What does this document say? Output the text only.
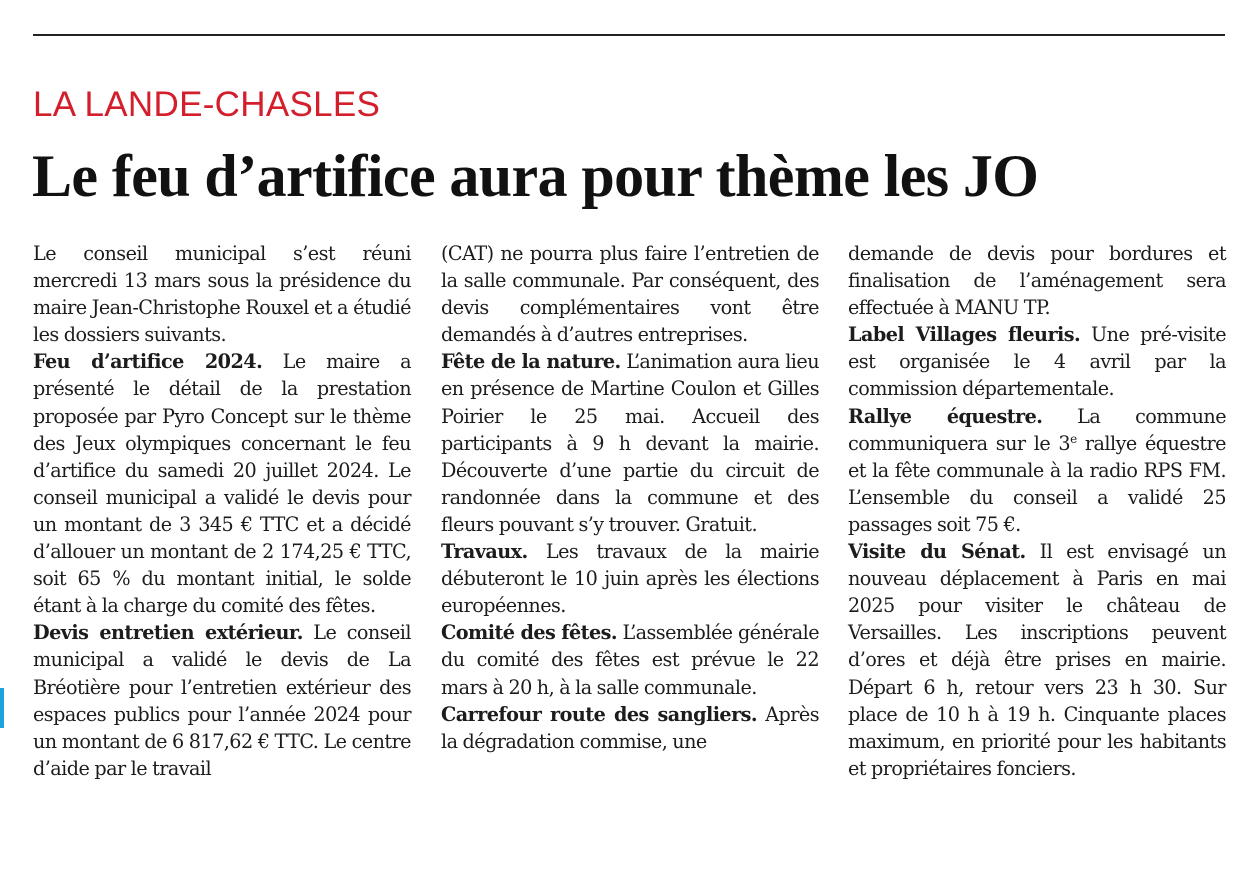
LA LANDE-CHASLES
Le feu d’artifice aura pour thème les JO

Le conseil municipal s’est réuni mercredi 13 mars sous la présidence du maire Jean-Christophe Rouxel et a étudié les dossiers suivants.

Feu d’artifice 2024. Le maire a présenté le détail de la prestation proposée par Pyro Concept sur le thème des Jeux olympiques concernant le feu d’artifice du samedi 20 juillet 2024. Le conseil municipal a validé le devis pour un montant de 3 345 € TTC et a décidé d’allouer un montant de 2 174,25 € TTC, soit 65 % du montant initial, le solde étant à la charge du comité des fêtes.

Devis entretien extérieur. Le conseil municipal a validé le devis de La Bréotière pour l’entretien extérieur des espaces publics pour l’année 2024 pour un montant de 6 817,62 € TTC. Le centre d’aide par le travail

(CAT) ne pourra plus faire l’entretien de la salle communale. Par conséquent, des devis complémentaires vont être demandés à d’autres entreprises.

Fête de la nature. L’animation aura lieu en présence de Martine Coulon et Gilles Poirier le 25 mai. Accueil des participants à 9 h devant la mairie. Découverte d’une partie du circuit de randonnée dans la commune et des fleurs pouvant s’y trouver. Gratuit.

Travaux. Les travaux de la mairie débuteront le 10 juin après les élections européennes.

Comité des fêtes. L’assemblée générale du comité des fêtes est prévue le 22 mars à 20 h, à la salle communale.

Carrefour route des sangliers. Après la dégradation commise, une

demande de devis pour bordures et finalisation de l’aménagement sera effectuée à MANU TP.

Label Villages fleuris. Une pré-visite est organisée le 4 avril par la commission départementale.

Rallye équestre. La commune communiquera sur le 3e rallye équestre et la fête communale à la radio RPS FM. L’ensemble du conseil a validé 25 passages soit 75 €.

Visite du Sénat. Il est envisagé un nouveau déplacement à Paris en mai 2025 pour visiter le château de Versailles. Les inscriptions peuvent d’ores et déjà être prises en mairie. Départ 6 h, retour vers 23 h 30. Sur place de 10 h à 19 h. Cinquante places maximum, en priorité pour les habitants et propriétaires fonciers.
